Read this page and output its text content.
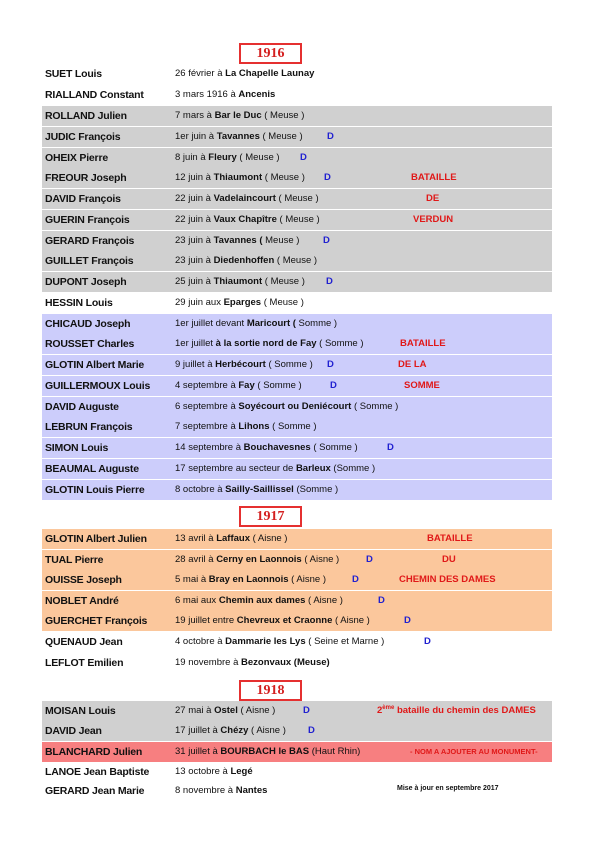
1916
SUET Louis	26 février à La Chapelle Launay
RIALLAND Constant	3 mars 1916 à Ancenis
ROLLAND Julien	7 mars à Bar le Duc ( Meuse )
JUDIC François	1er juin à Tavannes ( Meuse )	D
OHEIX Pierre	8 juin à Fleury ( Meuse ) D
FREOUR Joseph	12 juin à Thiaumont ( Meuse ) D	BATAILLE
DAVID François	22 juin à Vadelaincourt ( Meuse )	DE
GUERIN François	22 juin à Vaux Chapître ( Meuse )	VERDUN
GERARD François	23 juin à Tavannes ( Meuse ) D
GUILLET François	23 juin à Diedenhoffen ( Meuse )
DUPONT Joseph	25 juin à Thiaumont ( Meuse ) D
HESSIN Louis	29 juin aux Eparges ( Meuse )
CHICAUD Joseph	1er juillet devant Maricourt ( Somme )
ROUSSET Charles	1er juillet à la sortie nord de Fay ( Somme )	BATAILLE
GLOTIN Albert Marie	9 juillet à Herbécourt ( Somme ) D	DE LA
GUILLERMOUX Louis	4 septembre à Fay ( Somme )	D	SOMME
DAVID Auguste	6 septembre à Soyécourt ou Deniécourt ( Somme )
LEBRUN François	7 septembre à Lihons ( Somme )
SIMON Louis	14 septembre à Bouchavesnes ( Somme )	D
BEAUMAL Auguste	17 septembre au secteur de Barleux (Somme )
GLOTIN Louis Pierre	8 octobre à Sailly-Saillissel (Somme )
1917
GLOTIN Albert Julien	13 avril à Laffaux ( Aisne )	BATAILLE
TUAL Pierre	28 avril à Cerny en Laonnois ( Aisne )	D	DU
OUISSE Joseph	5 mai à Bray en Laonnois ( Aisne )	D	CHEMIN DES DAMES
NOBLET André	6 mai aux Chemin aux dames ( Aisne )	D
GUERCHET François	19 juillet entre Chevreux et Craonne ( Aisne )	D
QUENAUD Jean	4 octobre à Dammarie les Lys ( Seine et Marne )	D
LEFLOT Emilien	19 novembre à Bezonvaux (Meuse)
1918
MOISAN Louis	27 mai à Ostel ( Aisne )	D	2ème bataille du chemin des DAMES
DAVID Jean	17 juillet à Chézy ( Aisne ) D
BLANCHARD Julien	31 juillet à BOURBACH le BAS (Haut Rhin)	- NOM A AJOUTER AU MONUMENT-
LANOE Jean Baptiste	13 octobre à Legé
GERARD Jean Marie	8 novembre à Nantes	Mise à jour en septembre 2017
